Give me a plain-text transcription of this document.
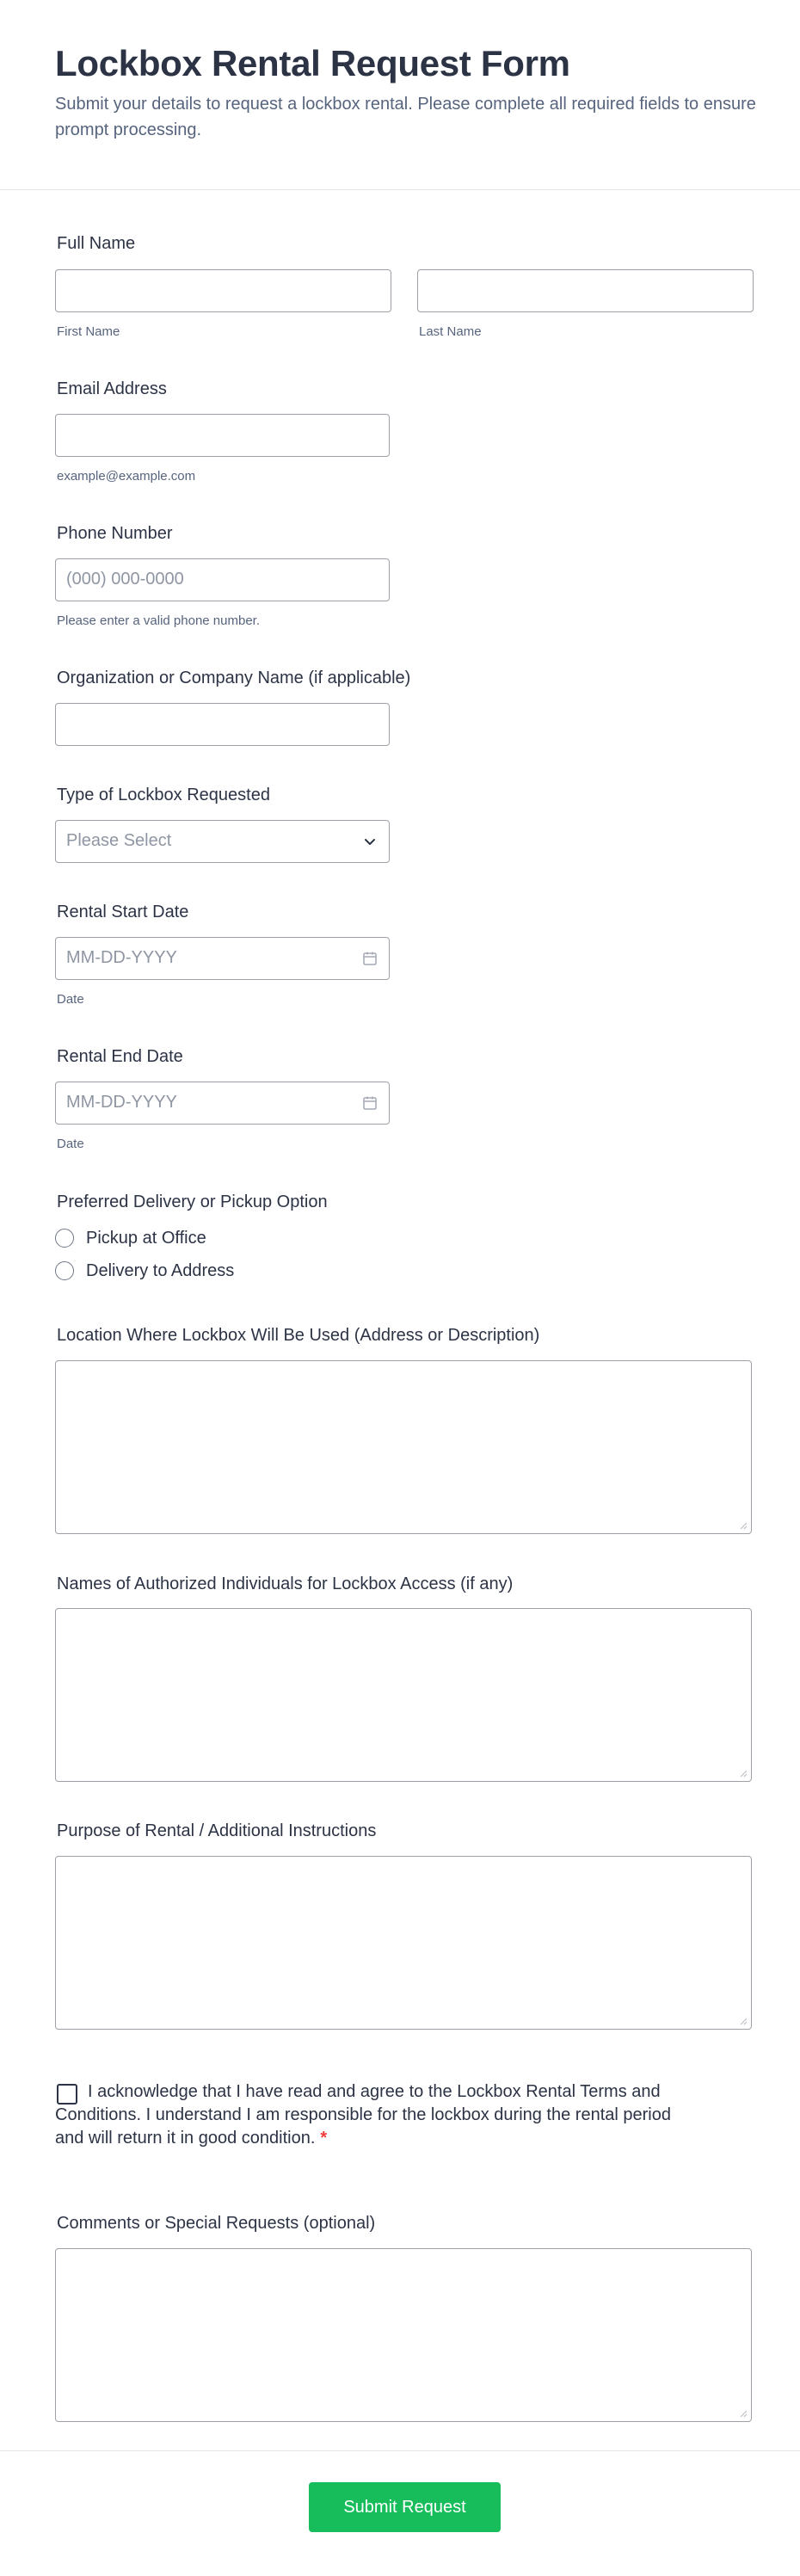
Lockbox Rental Request Form

Submit your details to request a lockbox rental. Please complete all required fields to ensure prompt processing.

Full Name

First Name	Last Name

Email Address

example@example.com

Phone Number

(000) 000-0000

Please enter a valid phone number.

Organization or Company Name (if applicable)

Type of Lockbox Requested

Please Select

Rental Start Date

MM-DD-YYYY

Date

Rental End Date

MM-DD-YYYY

Date

Preferred Delivery or Pickup Option

Pickup at Office
Delivery to Address

Location Where Lockbox Will Be Used (Address or Description)

Names of Authorized Individuals for Lockbox Access (if any)

Purpose of Rental / Additional Instructions

I acknowledge that I have read and agree to the Lockbox Rental Terms and Conditions. I understand I am responsible for the lockbox during the rental period and will return it in good condition. *

Comments or Special Requests (optional)

Submit Request
